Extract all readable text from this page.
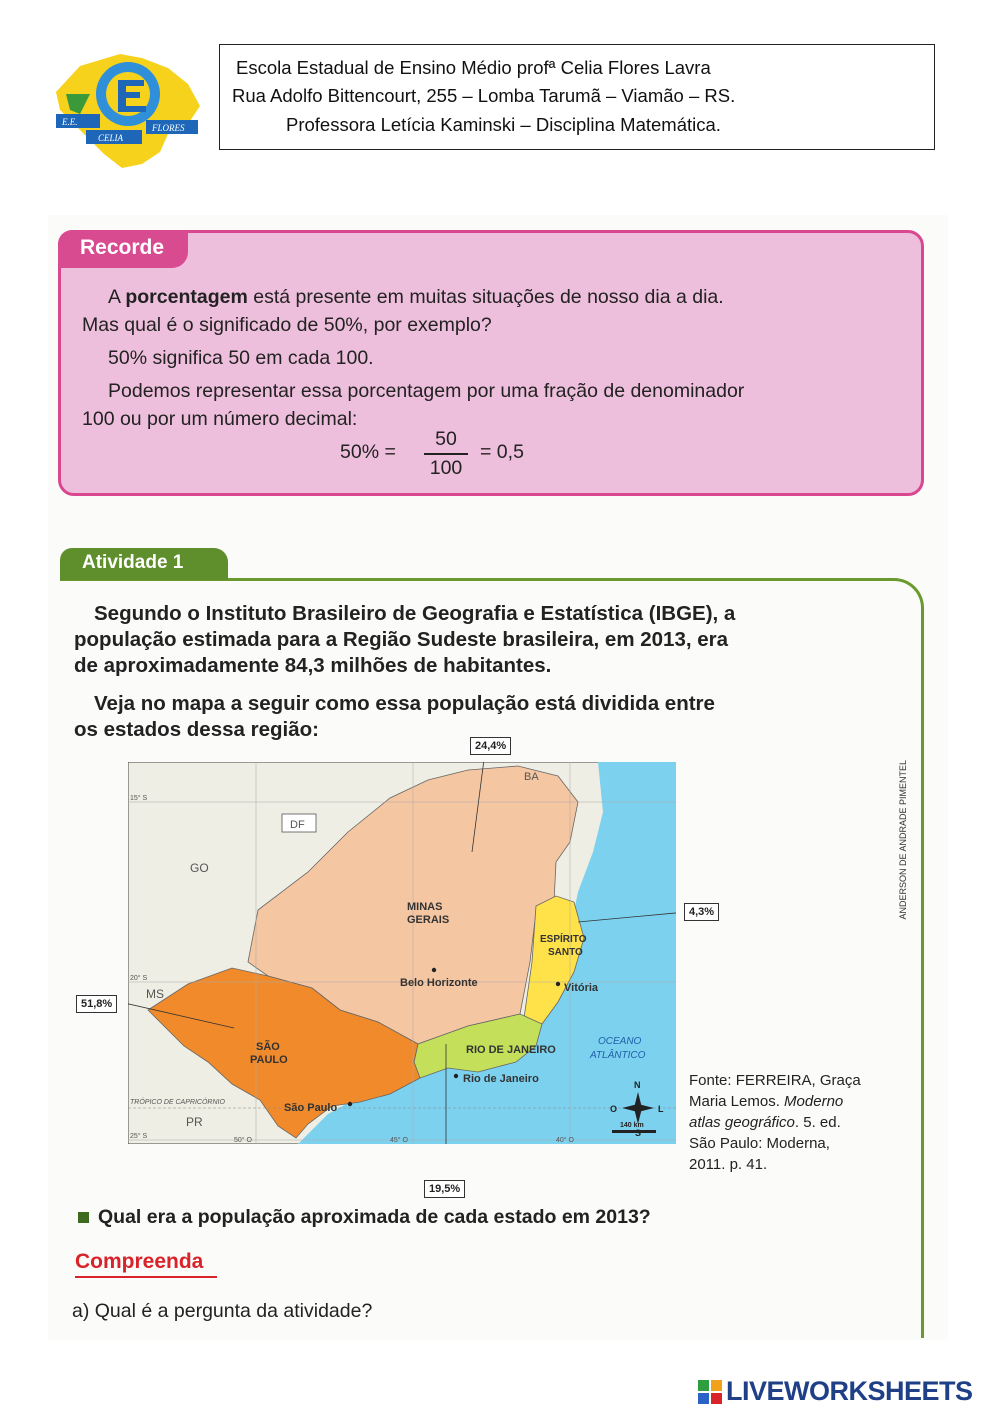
E.E.
FLORES
CELIA
Escola Estadual de Ensino Médio profª Celia Flores Lavra
Rua Adolfo Bittencourt, 255 – Lomba Tarumã – Viamão – RS.
Professora Letícia Kaminski – Disciplina Matemática.
Recorde
A porcentagem está presente em muitas situações de nosso dia a dia.
Mas qual é o significado de 50%, por exemplo?
50% significa 50 em cada 100.
Podemos representar essa porcentagem por uma fração de denominador
100 ou por um número decimal:
50% =
50
100
= 0,5
Atividade 1
Segundo o Instituto Brasileiro de Geografia e Estatística (IBGE), a
população estimada para a Região Sudeste brasileira, em 2013, era
de aproximadamente 84,3 milhões de habitantes.
Veja no mapa a seguir como essa população está dividida entre
os estados dessa região:
BA
DF
GO
MS
PR
MINAS
GERAIS
ESPÍRITO
SANTO
SÃO
PAULO
RIO DE JANEIRO
Belo Horizonte	Vitória
Rio de Janeiro
São Paulo
OCEANO
ATLÂNTICO
TRÓPICO DE CAPRICÓRNIO
15° S
20° S
25° S
50° O	45° O	40° O
N
O	L
140 km
24,4%
4,3%
51,8%
19,5%
ANDERSON DE ANDRADE PIMENTEL
Fonte: FERREIRA, Graça
Maria Lemos. Moderno
atlas geográfico. 5. ed.
São Paulo: Moderna,
2011. p. 41.
Qual era a população aproximada de cada estado em 2013?
Compreenda
a) Qual é a pergunta da atividade?
LIVEWORKSHEETS
